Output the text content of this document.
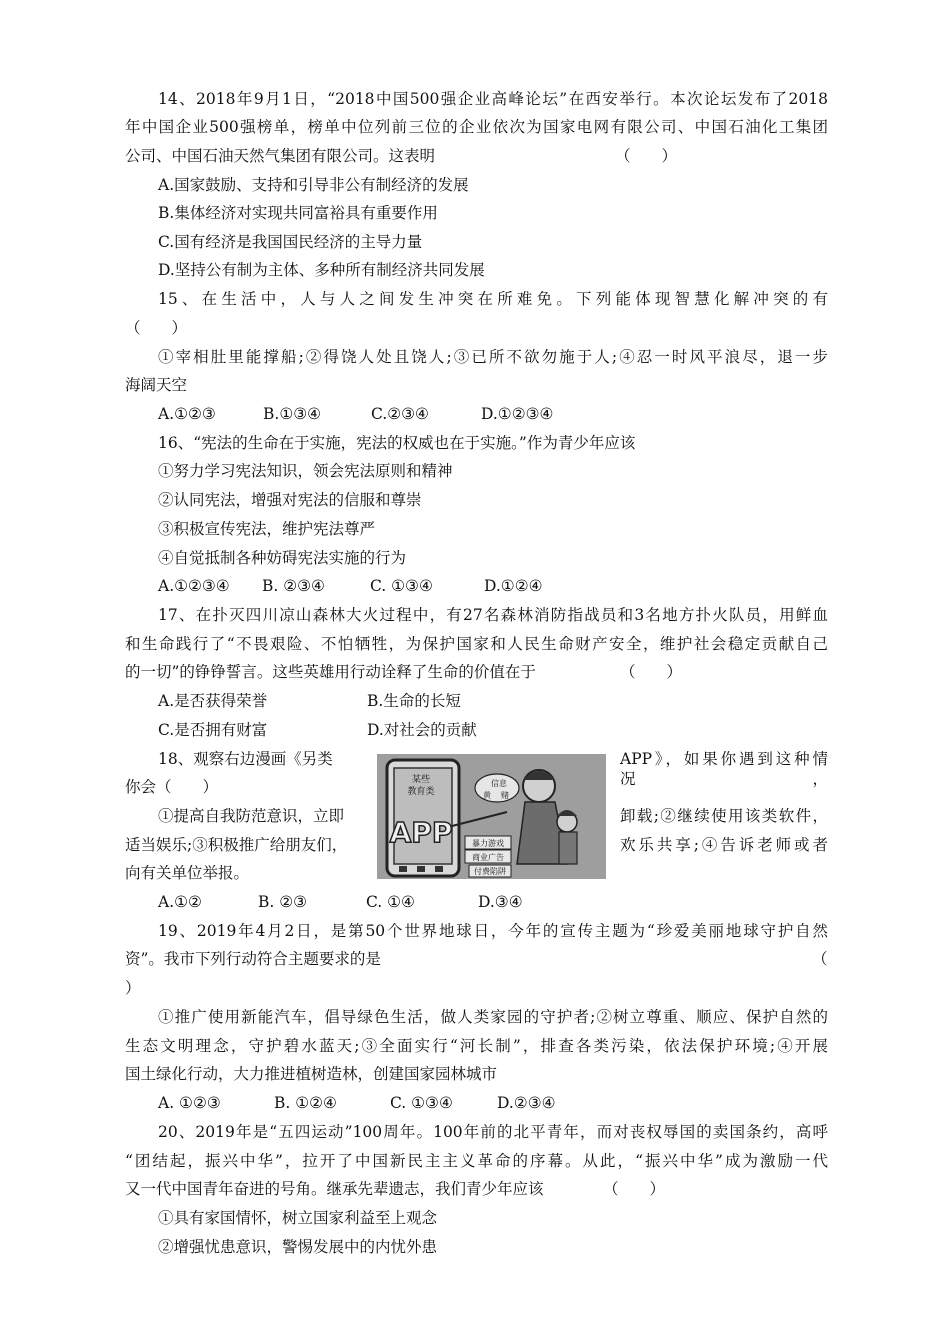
14、2018年9月1日，“2018中国500强企业高峰论坛”在西安举行。本次论坛发布了2018
年中国企业500强榜单，榜单中位列前三位的企业依次为国家电网有限公司、中国石油化工集团
公司、中国石油天然气集团有限公司。这表明	（　　）
A.国家鼓励、支持和引导非公有制经济的发展
B.集体经济对实现共同富裕具有重要作用
C.国有经济是我国国民经济的主导力量
D.坚持公有制为主体、多种所有制经济共同发展
15、在生活中，人与人之间发生冲突在所难免。下列能体现智慧化解冲突的有
（　　）
①宰相肚里能撑船;②得饶人处且饶人;③已所不欲勿施于人;④忍一时风平浪尽，退一步
海阔天空
A.①②③	B.①③④	C.②③④	D.①②③④
16、“宪法的生命在于实施，宪法的权威也在于实施。”作为青少年应该
①努力学习宪法知识，领会宪法原则和精神
②认同宪法，增强对宪法的信服和尊崇
③积极宣传宪法，维护宪法尊严
④自觉抵制各种妨碍宪法实施的行为
A.①②③④ B. ②③④	C. ①③④	D.①②④
17、在扑灭四川凉山森林大火过程中，有27名森林消防指战员和3名地方扑火队员，用鲜血
和生命践行了“不畏艰险、不怕牺牲，为保护国家和人民生命财产安全，维护社会稳定贡献自己
的一切”的铮铮誓言。这些英雄用行动诠释了生命的价值在于	（　　）
A.是否获得荣誉	B.生命的长短
C.是否拥有财富	D.对社会的贡献
18、观察右边漫画《另类	APP》，如果你遇到这种情况，
你会（　　）
①提高自我防范意识，立即	卸载;②继续使用该类软件，
适当娱乐;③积极推广给朋友们，	欢乐共享;④告诉老师或者
向有关单位举报。
A.①②	B. ②③	C. ①④	D.③④
某些
教育类
APP
信息
黄 赌
暴力游戏
商业广告
付费陷阱
19、2019年4月2日，是第50个世界地球日，今年的宣传主题为“珍爱美丽地球守护自然
资”。我市下列行动符合主题要求的是	（
）
①推广使用新能汽车，倡导绿色生活，做人类家园的守护者;②树立尊重、顺应、保护自然的
生态文明理念，守护碧水蓝天;③全面实行“河长制”，排查各类污染，依法保护环境;④开展
国土绿化行动，大力推进植树造林，创建国家园林城市
A. ①②③	B. ①②④	C. ①③④	D.②③④
20、2019年是“五四运动”100周年。100年前的北平青年，而对丧权辱国的卖国条约，高呼
“团结起，振兴中华”，拉开了中国新民主主义革命的序幕。从此，“振兴中华”成为激励一代
又一代中国青年奋进的号角。继承先辈遗志，我们青少年应该	（　　）
①具有家国情怀，树立国家利益至上观念
②增强忧患意识，警惕发展中的内忧外患
